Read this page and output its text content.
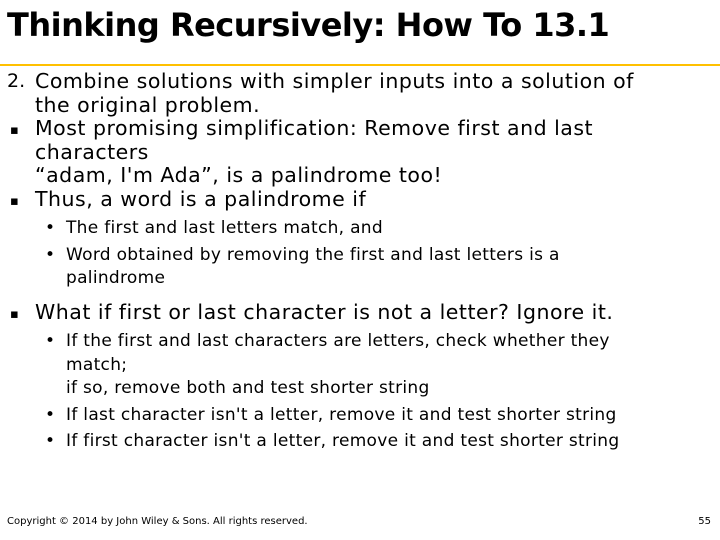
Thinking Recursively: How To 13.1
2. Combine solutions with simpler inputs into a solution of
the original problem.
▪ Most promising simplification: Remove first and last
characters
“adam, I'm Ada”, is a palindrome too!
▪ Thus, a word is a palindrome if
• The first and last letters match, and
• Word obtained by removing the first and last letters is a
palindrome
▪ What if first or last character is not a letter? Ignore it.
• If the first and last characters are letters, check whether they
match;
if so, remove both and test shorter string
• If last character isn't a letter, remove it and test shorter string
• If first character isn't a letter, remove it and test shorter string
Copyright © 2014 by John Wiley & Sons. All rights reserved.	55
